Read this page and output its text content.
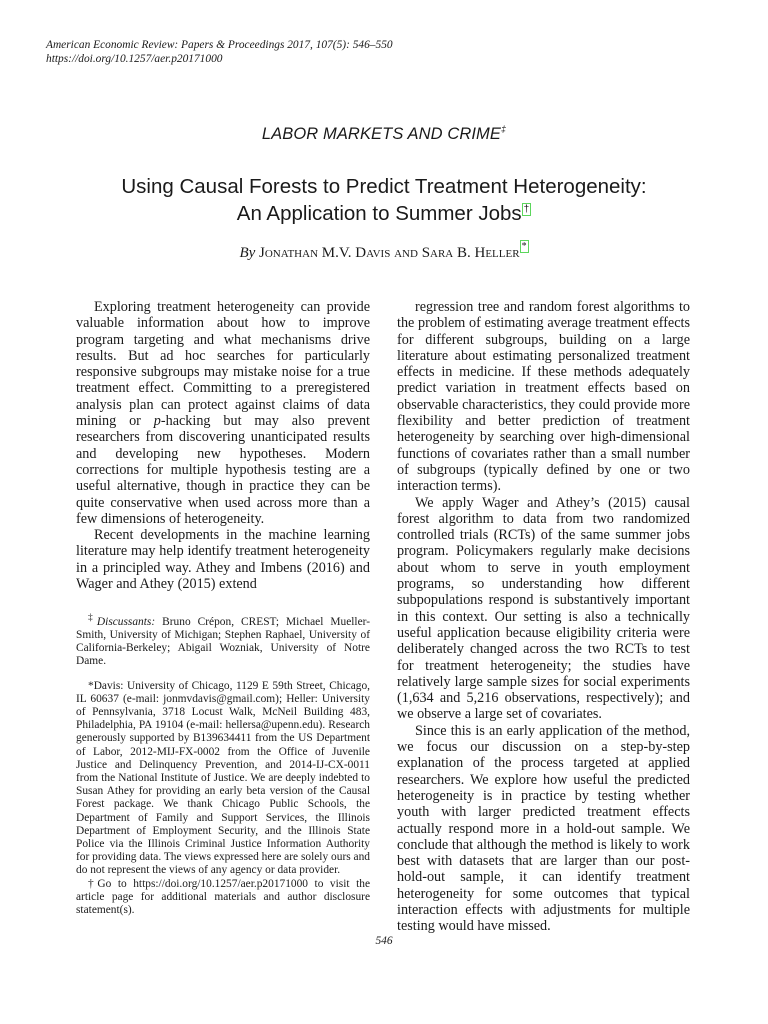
American Economic Review: Papers & Proceedings 2017, 107(5): 546–550
https://doi.org/10.1257/aer.p20171000
LABOR MARKETS AND CRIME‡
Using Causal Forests to Predict Treatment Heterogeneity:
An Application to Summer Jobs †
By Jonathan M.V. Davis and Sara B. Heller *

Exploring treatment heterogeneity can provide valuable information about how to improve program targeting and what mechanisms drive results. But ad hoc searches for particularly responsive subgroups may mistake noise for a true treatment effect. Committing to a preregistered analysis plan can protect against claims of data mining or p-hacking but may also prevent researchers from discovering unanticipated results and developing new hypotheses. Modern corrections for multiple hypothesis testing are a useful alternative, though in practice they can be quite conservative when used across more than a few dimensions of heterogeneity.

Recent developments in the machine learning literature may help identify treatment heterogeneity in a principled way. Athey and Imbens (2016) and Wager and Athey (2015) extend

regression tree and random forest algorithms to the problem of estimating average treatment effects for different subgroups, building on a large literature about estimating personalized treatment effects in medicine. If these methods adequately predict variation in treatment effects based on observable characteristics, they could provide more flexibility and better prediction of treatment heterogeneity by searching over high-dimensional functions of covariates rather than a small number of subgroups (typically defined by one or two interaction terms).

We apply Wager and Athey’s (2015) causal forest algorithm to data from two randomized controlled trials (RCTs) of the same summer jobs program. Policymakers regularly make decisions about whom to serve in youth employment programs, so understanding how different subpopulations respond is substantively important in this context. Our setting is also a technically useful application because eligibility criteria were deliberately changed across the two RCTs to test for treatment heterogeneity; the studies have relatively large sample sizes for social experiments (1,634 and 5,216 observations, respectively); and we observe a large set of covariates.

Since this is an early application of the method, we focus our discussion on a step-by-step explanation of the process targeted at applied researchers. We explore how useful the predicted heterogeneity is in practice by testing whether youth with larger predicted treatment effects actually respond more in a hold-out sample. We conclude that although the method is likely to work best with datasets that are larger than our post-hold-out sample, it can identify treatment heterogeneity for some outcomes that typical interaction effects with adjustments for multiple testing would have missed.

‡Discussants: Bruno Crépon, CREST; Michael Mueller-Smith, University of Michigan; Stephen Raphael, University of California-Berkeley; Abigail Wozniak, University of Notre Dame.

*Davis: University of Chicago, 1129 E 59th Street, Chicago, IL 60637 (e-mail: jonmvdavis@gmail.com); Heller: University of Pennsylvania, 3718 Locust Walk, McNeil Building 483, Philadelphia, PA 19104 (e-mail: hellersa@upenn.edu). Research generously supported by B139634411 from the US Department of Labor, 2012-MIJ-FX-0002 from the Office of Juvenile Justice and Delinquency Prevention, and 2014-IJ-CX-0011 from the National Institute of Justice. We are deeply indebted to Susan Athey for providing an early beta version of the Causal Forest package. We thank Chicago Public Schools, the Department of Family and Support Services, the Illinois Department of Employment Security, and the Illinois State Police via the Illinois Criminal Justice Information Authority for providing data. The views expressed here are solely ours and do not represent the views of any agency or data provider.

†Go to https://doi.org/10.1257/aer.p20171000 to visit the article page for additional materials and author disclosure statement(s).

546
